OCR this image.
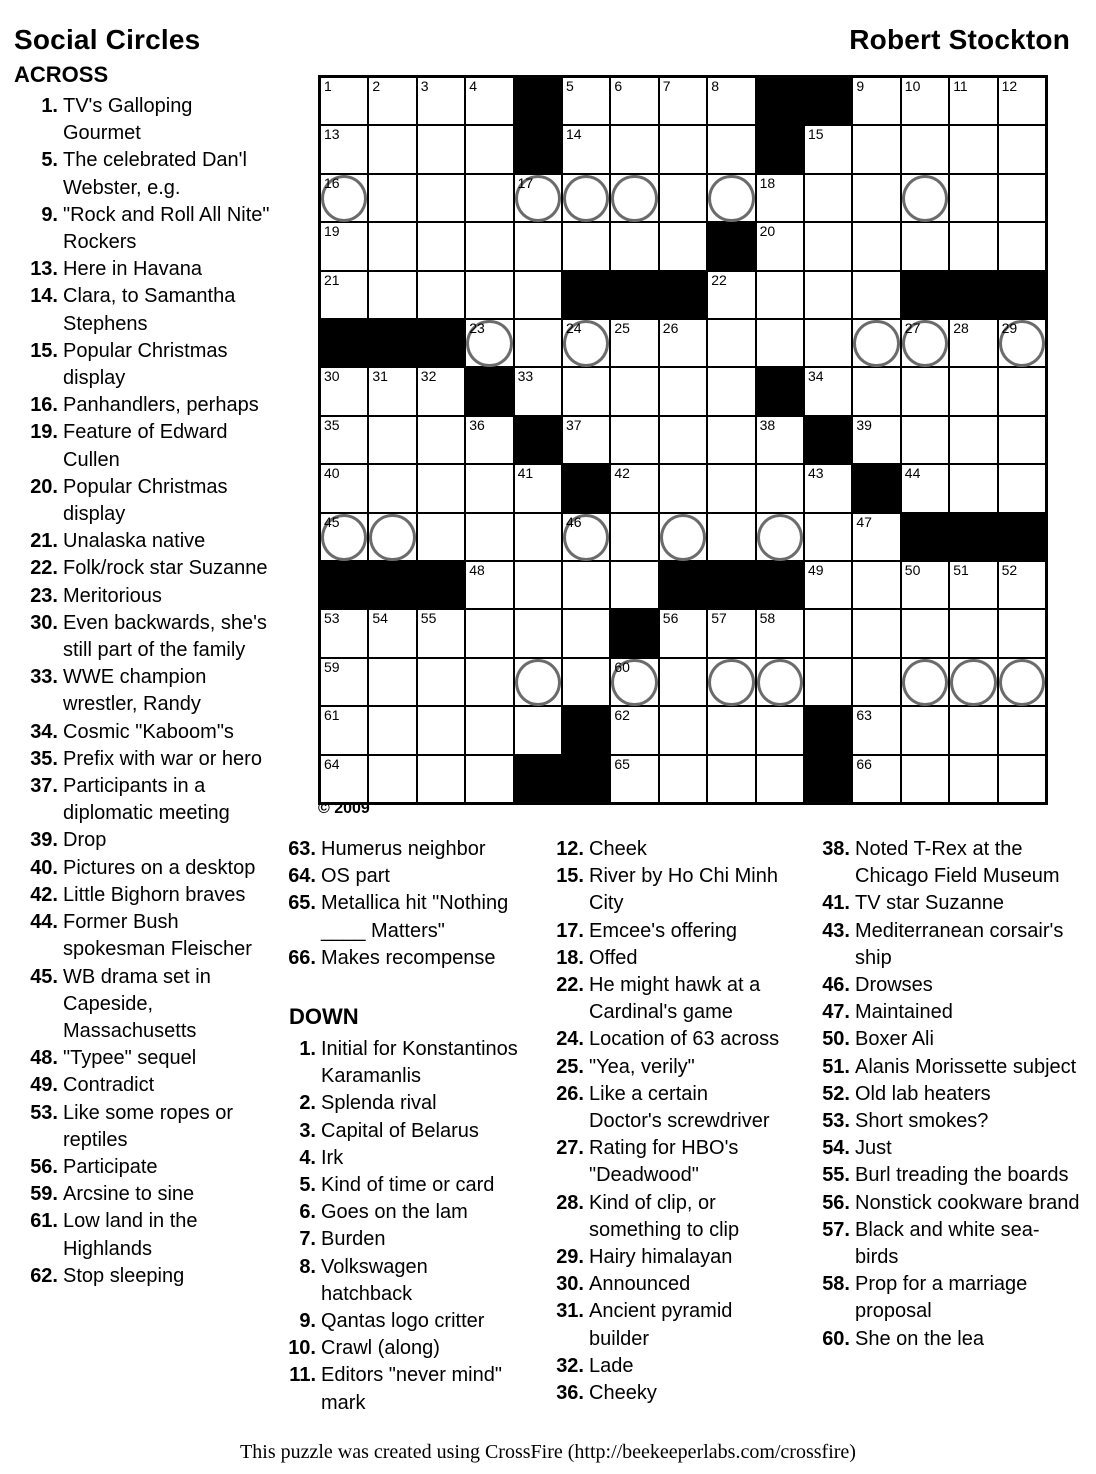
Social Circles	Robert Stockton
ACROSS
1. TV's Galloping Gourmet
5. The celebrated Dan'l Webster, e.g.
9. "Rock and Roll All Nite" Rockers
13. Here in Havana
14. Clara, to Samantha Stephens
15. Popular Christmas display
16. Panhandlers, perhaps
19. Feature of Edward Cullen
20. Popular Christmas display
21. Unalaska native
22. Folk/rock star Suzanne
23. Meritorious
30. Even backwards, she's still part of the family
33. WWE champion wrestler, Randy
34. Cosmic "Kaboom"s
35. Prefix with war or hero
37. Participants in a diplomatic meeting
39. Drop
40. Pictures on a desktop
42. Little Bighorn braves
44. Former Bush spokesman Fleischer
45. WB drama set in Capeside, Massachusetts
48. "Typee" sequel
49. Contradict
53. Like some ropes or reptiles
56. Participate
59. Arcsine to sine
61. Low land in the Highlands
62. Stop sleeping
1	2	3	4	5	6	7	8	9	10 11 12
13	14	15
16	17	18
19	20
21	22
23	24 25 26	27 28 29
30 31 32	33	34
35	36	37	38	39
40	41	42	43	44
45	46	47
48	49	50 51 52
53 54 55	56 57 58
59	60
61	62	63
64	65	66
© 2009
63. Humerus neighbor
64. OS part
65. Metallica hit "Nothing ____ Matters"
66. Makes recompense
DOWN
1. Initial for Konstantinos Karamanlis
2. Splenda rival
3. Capital of Belarus
4. Irk
5. Kind of time or card
6. Goes on the lam
7. Burden
8. Volkswagen hatchback
9. Qantas logo critter
10. Crawl (along)
11. Editors "never mind" mark
12. Cheek
15. River by Ho Chi Minh City
17. Emcee's offering
18. Offed
22. He might hawk at a Cardinal's game
24. Location of 63 across
25. "Yea, verily"
26. Like a certain Doctor's screwdriver
27. Rating for HBO's "Deadwood"
28. Kind of clip, or something to clip
29. Hairy himalayan
30. Announced
31. Ancient pyramid builder
32. Lade
36. Cheeky
38. Noted T-Rex at the Chicago Field Museum
41. TV star Suzanne
43. Mediterranean corsair's ship
46. Drowses
47. Maintained
50. Boxer Ali
51. Alanis Morissette subject
52. Old lab heaters
53. Short smokes?
54. Just
55. Burl treading the boards
56. Nonstick cookware brand
57. Black and white sea-birds
58. Prop for a marriage proposal
60. She on the lea
This puzzle was created using CrossFire (http://beekeeperlabs.com/crossfire)
